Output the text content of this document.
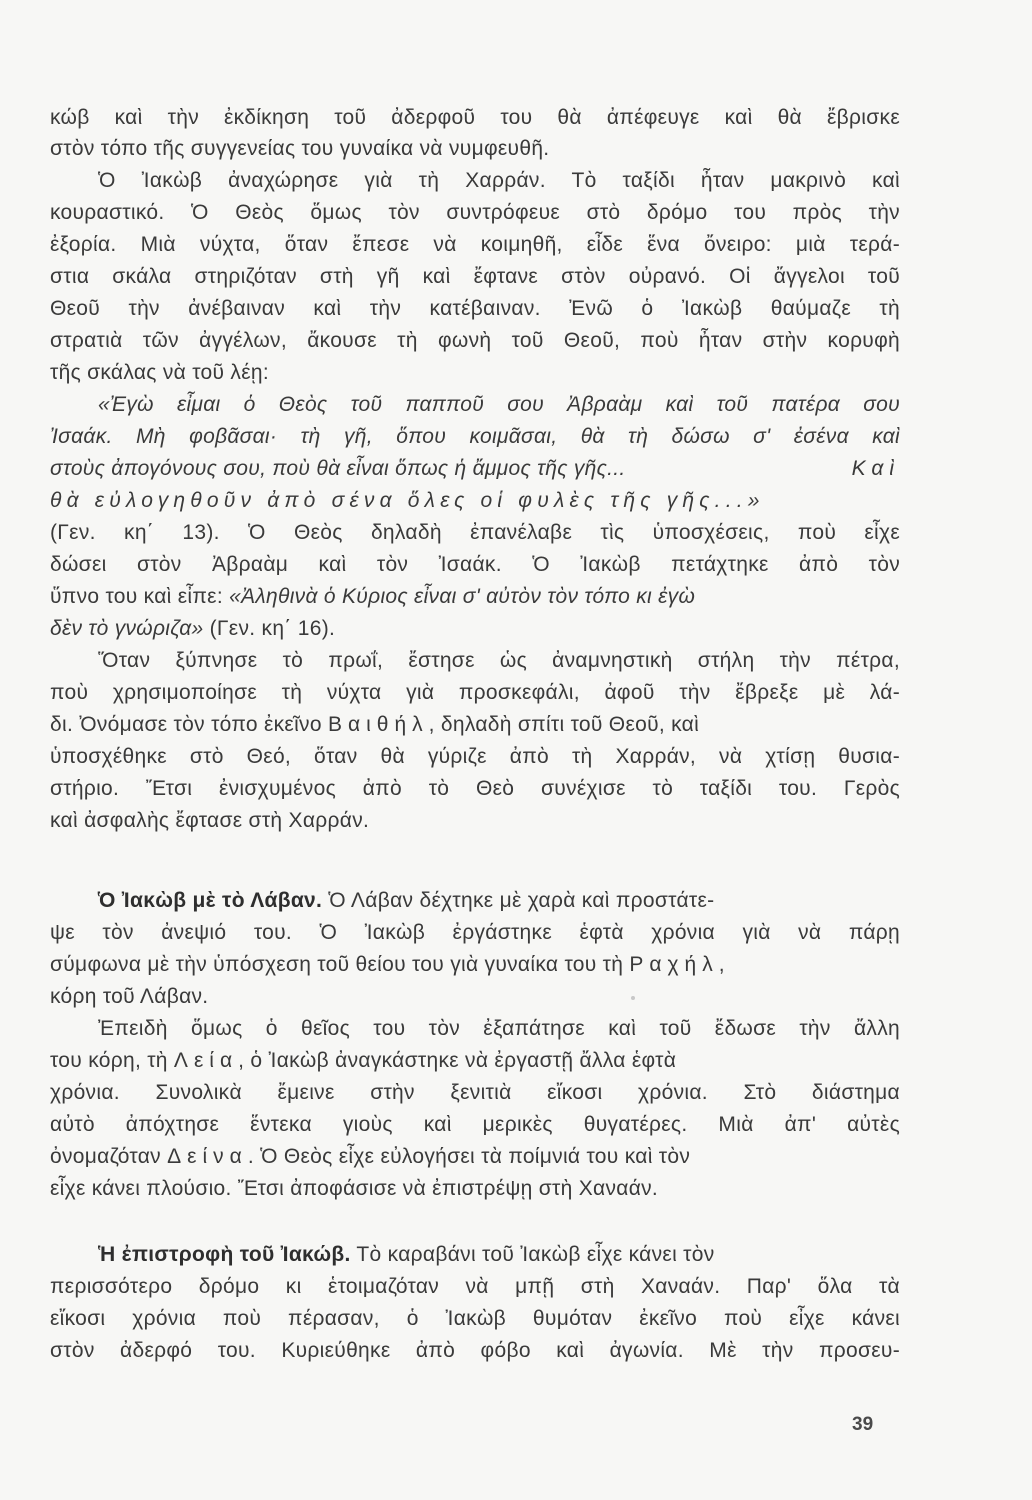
κώβ καὶ τὴν ἐκδίκηση τοῦ ἀδερφοῦ του θὰ ἀπέφευγε καὶ θὰ ἔβρισκε
στὸν τόπο τῆς συγγενείας του γυναίκα νὰ νυμφευθῆ.
Ὁ Ἰακὼβ ἀναχώρησε γιὰ τὴ Χαρράν. Τὸ ταξίδι ἦταν μακρινὸ καὶ
κουραστικό. Ὁ Θεὸς ὅμως τὸν συντρόφευε στὸ δρόμο του πρὸς τὴν
ἐξορία. Μιὰ νύχτα, ὅταν ἔπεσε νὰ κοιμηθῆ, εἶδε ἕνα ὄνειρο: μιὰ τερά-
στια σκάλα στηριζόταν στὴ γῆ καὶ ἔφτανε στὸν οὐρανό. Οἱ ἄγγελοι τοῦ
Θεοῦ τὴν ἀνέβαιναν καὶ τὴν κατέβαιναν. Ἐνῶ ὁ Ἰακὼβ θαύμαζε τὴ
στρατιὰ τῶν ἀγγέλων, ἄκουσε τὴ φωνὴ τοῦ Θεοῦ, ποὺ ἦταν στὴν κορυφὴ
τῆς σκάλας νὰ τοῦ λέῃ:
«Ἐγὼ εἶμαι ὁ Θεὸς τοῦ παπποῦ σου Ἀβραὰμ καὶ τοῦ πατέρα σου
Ἰσαάκ. Μὴ φοβᾶσαι· τὴ γῆ, ὅπου κοιμᾶσαι, θὰ τὴ δώσω σ' ἐσένα καὶ
στοὺς ἀπογόνους σου, ποὺ θὰ εἶναι ὅπως ἡ ἄμμος τῆς γῆς...	Καὶ
θὰ εὐλογηθοῦν ἀπὸ σένα ὅλες οἱ φυλὲς τῆς γῆς...»
(Γεν. κη΄ 13). Ὁ Θεὸς δηλαδὴ ἐπανέλαβε τὶς ὑποσχέσεις, ποὺ εἶχε
δώσει στὸν Ἀβραὰμ καὶ τὸν Ἰσαάκ. Ὁ Ἰακὼβ πετάχτηκε ἀπὸ τὸν
ὕπνο του καὶ εἶπε: «Ἀληθινὰ ὁ Κύριος εἶναι σ' αὐτὸν τὸν τόπο κι ἐγὼ
δὲν τὸ γνώριζα» (Γεν. κη΄ 16).
Ὅταν ξύπνησε τὸ πρωΐ, ἔστησε ὡς ἀναμνηστικὴ στήλη τὴν πέτρα,
ποὺ χρησιμοποίησε τὴ νύχτα γιὰ προσκεφάλι, ἀφοῦ τὴν ἔβρεξε μὲ λά-
δι. Ὀνόμασε τὸν τόπο ἐκεῖνο Βαιθήλ, δηλαδὴ σπίτι τοῦ Θεοῦ, καὶ
ὑποσχέθηκε στὸ Θεό, ὅταν θὰ γύριζε ἀπὸ τὴ Χαρράν, νὰ χτίσῃ θυσια-
στήριο. Ἔτσι ἐνισχυμένος ἀπὸ τὸ Θεὸ συνέχισε τὸ ταξίδι του. Γερὸς
καὶ ἀσφαλὴς ἔφτασε στὴ Χαρράν.
Ὁ Ἰακὼβ μὲ τὸ Λάβαν. Ὁ Λάβαν δέχτηκε μὲ χαρὰ καὶ προστάτε-
ψε τὸν ἀνεψιό του. Ὁ Ἰακὼβ ἐργάστηκε ἑφτὰ χρόνια γιὰ νὰ πάρῃ
σύμφωνα μὲ τὴν ὑπόσχεση τοῦ θείου του γιὰ γυναίκα του τὴ Ραχήλ,
κόρη τοῦ Λάβαν.
Ἐπειδὴ ὅμως ὁ θεῖος του τὸν ἐξαπάτησε καὶ τοῦ ἔδωσε τὴν ἄλλη
του κόρη, τὴ Λεία, ὁ Ἰακὼβ ἀναγκάστηκε νὰ ἐργαστῇ ἄλλα ἑφτὰ
χρόνια. Συνολικὰ ἔμεινε στὴν ξενιτιὰ εἴκοσι χρόνια. Στὸ διάστημα
αὐτὸ ἀπόχτησε ἕντεκα γιοὺς καὶ μερικὲς θυγατέρες. Μιὰ ἀπ' αὐτὲς
ὀνομαζόταν Δείνα. Ὁ Θεὸς εἶχε εὐλογήσει τὰ ποίμνιά του καὶ τὸν
εἶχε κάνει πλούσιο. Ἔτσι ἀποφάσισε νὰ ἐπιστρέψῃ στὴ Χαναάν.
Ἡ ἐπιστροφὴ τοῦ Ἰακώβ. Τὸ καραβάνι τοῦ Ἰακὼβ εἶχε κάνει τὸν
περισσότερο δρόμο κι ἑτοιμαζόταν νὰ μπῇ στὴ Χαναάν. Παρ' ὅλα τὰ
εἴκοσι χρόνια ποὺ πέρασαν, ὁ Ἰακὼβ θυμόταν ἐκεῖνο ποὺ εἶχε κάνει
στὸν ἀδερφό του. Κυριεύθηκε ἀπὸ φόβο καὶ ἀγωνία. Μὲ τὴν προσευ-
39
